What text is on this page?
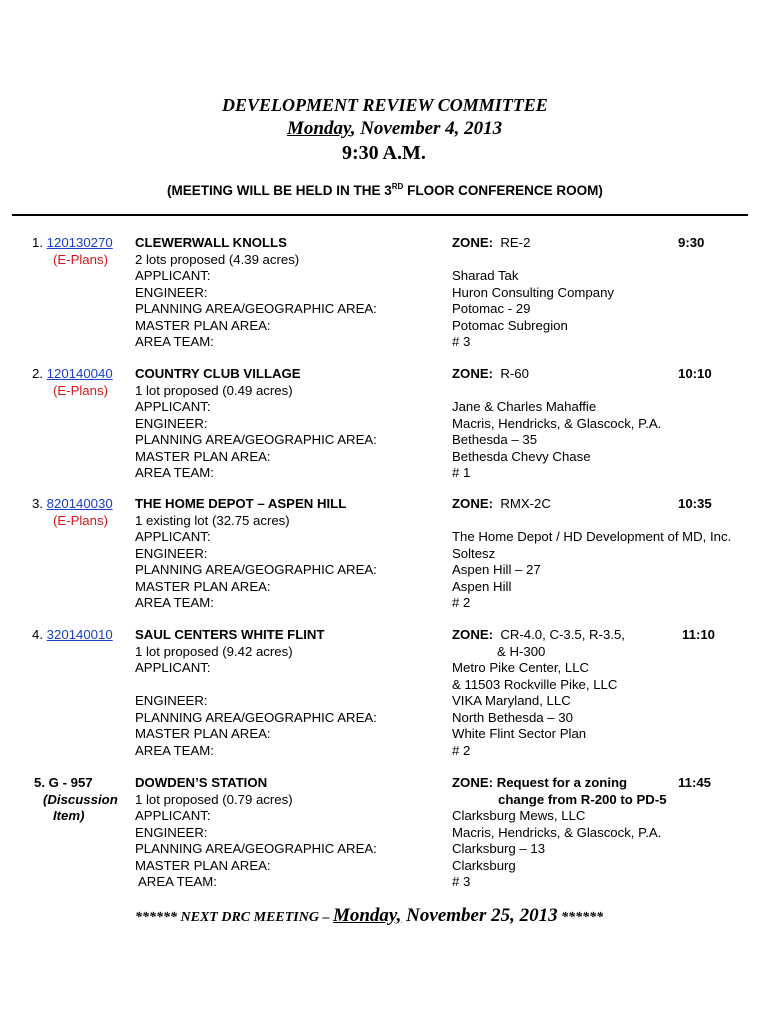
DEVELOPMENT REVIEW COMMITTEE
Monday, November 4, 2013
9:30 A.M.
(MEETING WILL BE HELD IN THE 3RD FLOOR CONFERENCE ROOM)
1. 120130270
(E-Plans)
CLEWERWALL KNOLLS
2 lots proposed (4.39 acres)
APPLICANT:
ENGINEER:
PLANNING AREA/GEOGRAPHIC AREA:
MASTER PLAN AREA:
AREA TEAM:
ZONE: RE-2
Sharad Tak
Huron Consulting Company
Potomac - 29
Potomac Subregion
# 3
9:30
2. 120140040
(E-Plans)
COUNTRY CLUB VILLAGE
1 lot proposed (0.49 acres)
APPLICANT:
ENGINEER:
PLANNING AREA/GEOGRAPHIC AREA:
MASTER PLAN AREA:
AREA TEAM:
ZONE: R-60
Jane & Charles Mahaffie
Macris, Hendricks, & Glascock, P.A.
Bethesda – 35
Bethesda Chevy Chase
# 1
10:10
3. 820140030
(E-Plans)
THE HOME DEPOT – ASPEN HILL
1 existing lot (32.75 acres)
APPLICANT:
ENGINEER:
PLANNING AREA/GEOGRAPHIC AREA:
MASTER PLAN AREA:
AREA TEAM:
ZONE: RMX-2C
The Home Depot / HD Development of MD, Inc.
Soltesz
Aspen Hill – 27
Aspen Hill
# 2
10:35
4. 320140010 SAUL CENTERS WHITE FLINT
1 lot proposed (9.42 acres)
APPLICANT:
ENGINEER:
PLANNING AREA/GEOGRAPHIC AREA:
MASTER PLAN AREA:
AREA TEAM:
ZONE: CR-4.0, C-3.5, R-3.5,
& H-300
Metro Pike Center, LLC
& 11503 Rockville Pike, LLC
VIKA Maryland, LLC
North Bethesda – 30
White Flint Sector Plan
# 2
11:10
5. G - 957
(Discussion
Item)
DOWDEN’S STATION
1 lot proposed (0.79 acres)
APPLICANT:
ENGINEER:
PLANNING AREA/GEOGRAPHIC AREA:
MASTER PLAN AREA:
AREA TEAM:
ZONE: Request for a zoning
change from R-200 to PD-5
Clarksburg Mews, LLC
Macris, Hendricks, & Glascock, P.A.
Clarksburg – 13
Clarksburg
# 3
11:45
****** NEXT DRC MEETING – Monday, November 25, 2013 ******
